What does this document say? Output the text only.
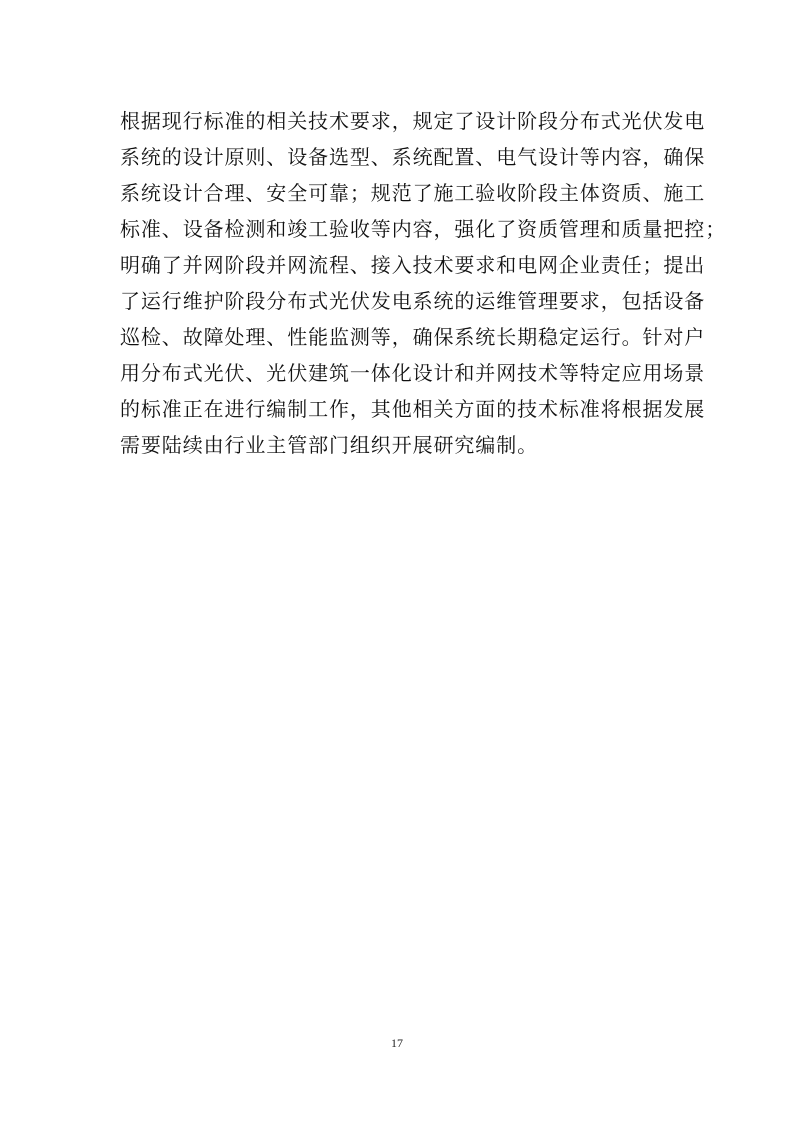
根据现行标准的相关技术要求，规定了设计阶段分布式光伏发电
系统的设计原则、设备选型、系统配置、电气设计等内容，确保
系统设计合理、安全可靠；规范了施工验收阶段主体资质、施工
标准、设备检测和竣工验收等内容，强化了资质管理和质量把控；
明确了并网阶段并网流程、接入技术要求和电网企业责任；提出
了运行维护阶段分布式光伏发电系统的运维管理要求，包括设备
巡检、故障处理、性能监测等，确保系统长期稳定运行。针对户
用分布式光伏、光伏建筑一体化设计和并网技术等特定应用场景
的标准正在进行编制工作，其他相关方面的技术标准将根据发展
需要陆续由行业主管部门组织开展研究编制。
17
